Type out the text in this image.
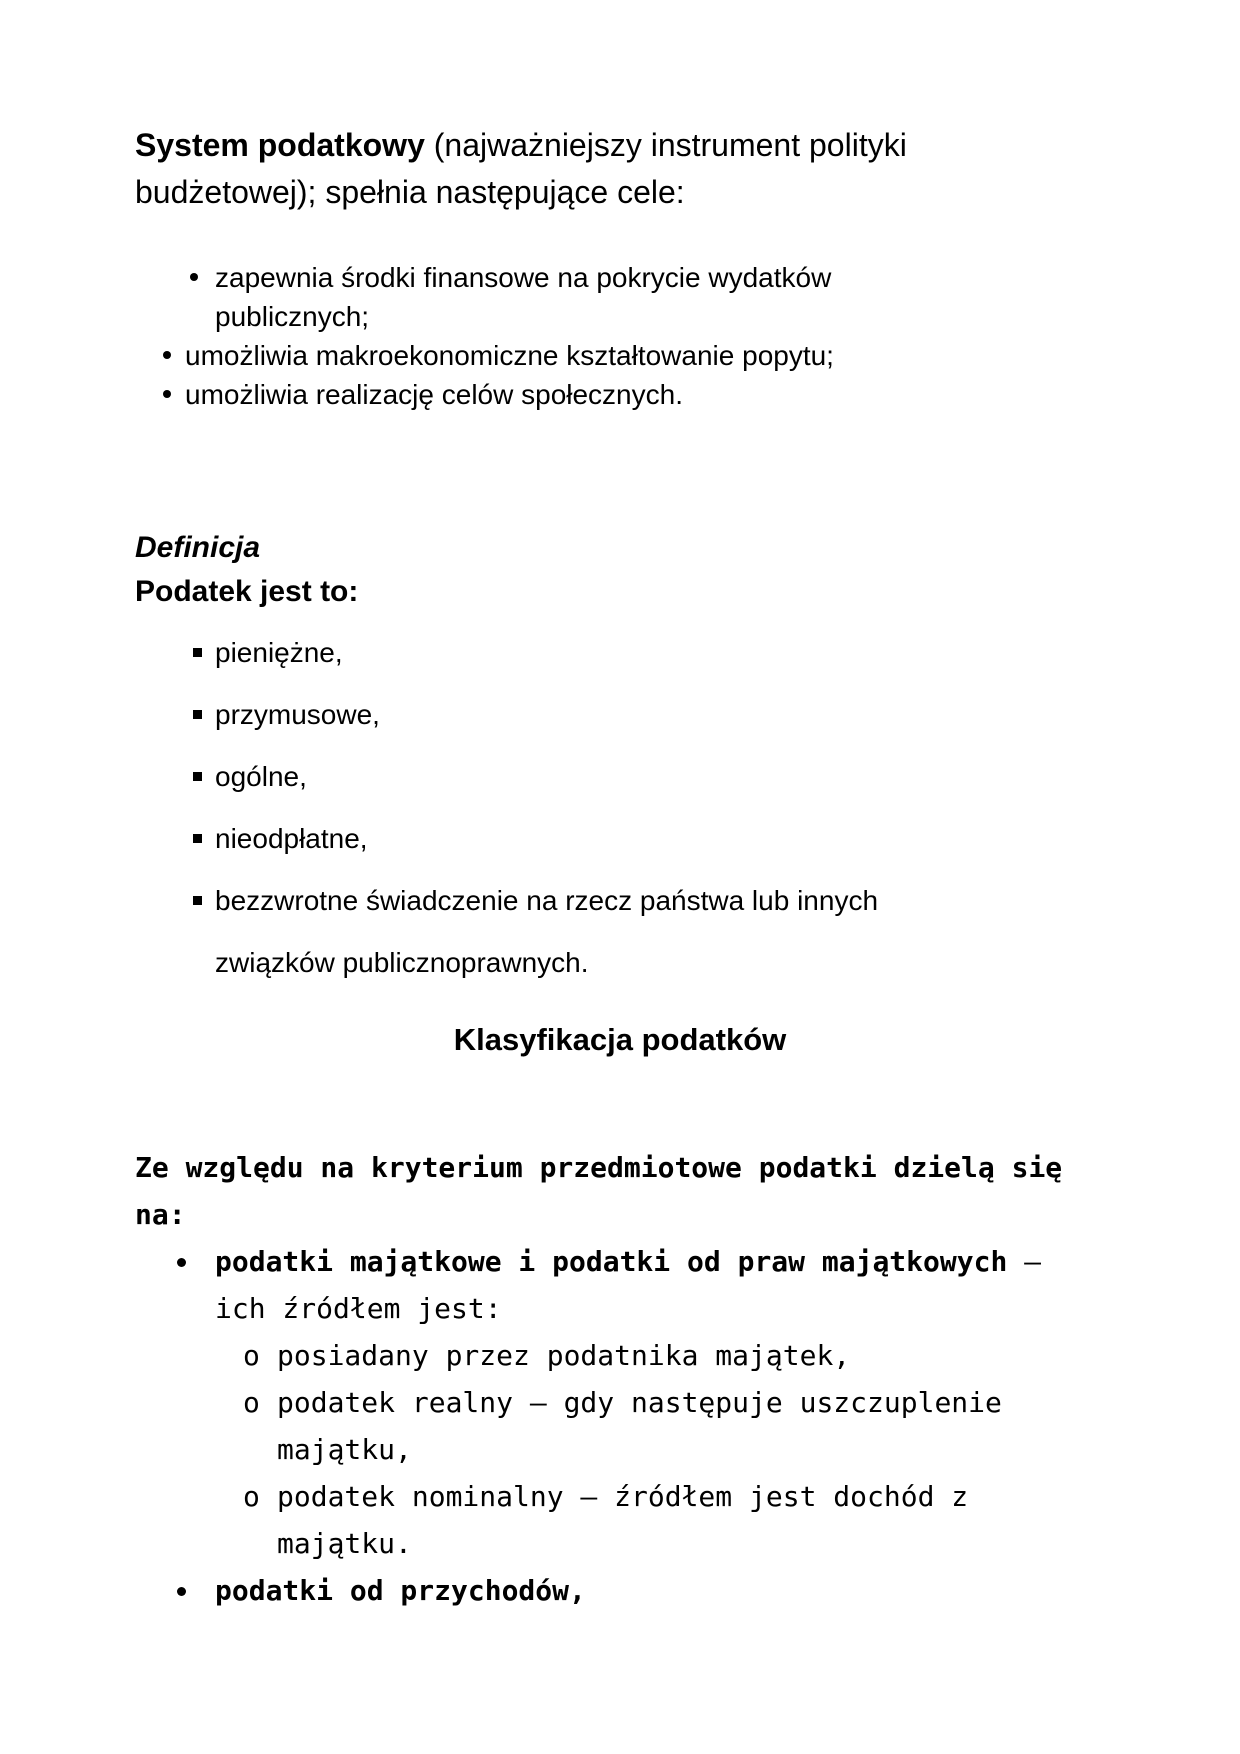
System podatkowy (najważniejszy instrument polityki budżetowej); spełnia następujące cele:
zapewnia środki finansowe na pokrycie wydatków publicznych;
umożliwia makroekonomiczne kształtowanie popytu;
umożliwia realizację celów społecznych.
Definicja
Podatek jest to:
pieniężne,
przymusowe,
ogólne,
nieodpłatne,
bezzwrotne świadczenie na rzecz państwa lub innych związków publicznoprawnych.
Klasyfikacja podatków
Ze względu na kryterium przedmiotowe podatki dzielą się na:
podatki majątkowe i podatki od praw majątkowych – ich źródłem jest:
o posiadany przez podatnika majątek,
o podatek realny – gdy następuje uszczuplenie majątku,
o podatek nominalny – źródłem jest dochód z majątku.
podatki od przychodów,
